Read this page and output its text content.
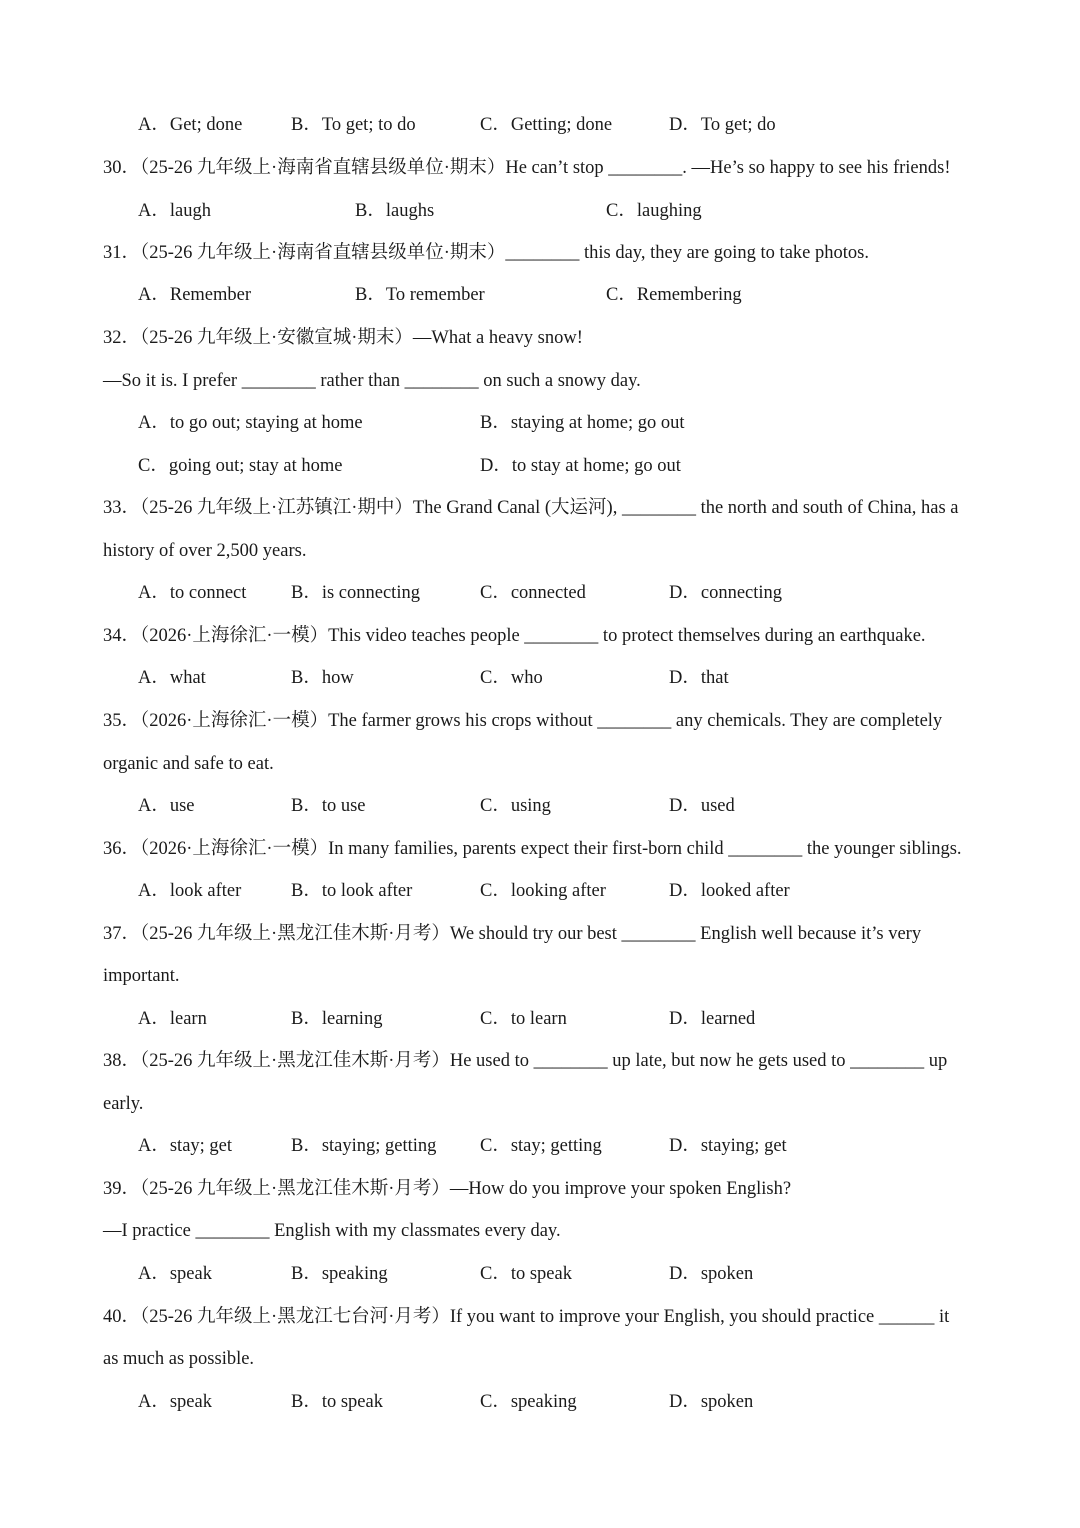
A．Get; done	B．To get; to do	C．Getting; done	D．To get; do
30．（25-26 九年级上·海南省直辖县级单位·期末）He can’t stop ________. —He’s so happy to see his friends!
A．laugh	B．laughs	C．laughing
31．（25-26 九年级上·海南省直辖县级单位·期末）________ this day, they are going to take photos.
A．Remember	B．To remember	C．Remembering
32．（25-26 九年级上·安徽宣城·期末）—What a heavy snow!
—So it is. I prefer ________ rather than ________ on such a snowy day.
A．to go out; staying at home	B．staying at home; go out
C．going out; stay at home	D．to stay at home; go out
33．（25-26 九年级上·江苏镇江·期中）The Grand Canal (大运河), ________ the north and south of China, has a
history of over 2,500 years.
A．to connect B．is connecting	C．connected	D．connecting
34．（2026·上海徐汇·一模）This video teaches people ________ to protect themselves during an earthquake.
A．what	B．how	C．who	D．that
35．（2026·上海徐汇·一模）The farmer grows his crops without ________ any chemicals. They are completely
organic and safe to eat.
A．use	B．to use	C．using	D．used
36．（2026·上海徐汇·一模）In many families, parents expect their first-born child ________ the younger siblings.
A．look after	B．to look after	C．looking after	D．looked after
37．（25-26 九年级上·黑龙江佳木斯·月考）We should try our best ________ English well because it’s very
important.
A．learn	B．learning	C．to learn	D．learned
38．（25-26 九年级上·黑龙江佳木斯·月考）He used to ________ up late, but now he gets used to ________ up
early.
A．stay; get	B．staying; getting C．stay; getting	D．staying; get
39．（25-26 九年级上·黑龙江佳木斯·月考）—How do you improve your spoken English?
—I practice ________ English with my classmates every day.
A．speak	B．speaking	C．to speak	D．spoken
40．（25-26 九年级上·黑龙江七台河·月考）If you want to improve your English, you should practice ______ it
as much as possible.
A．speak	B．to speak	C．speaking	D．spoken
